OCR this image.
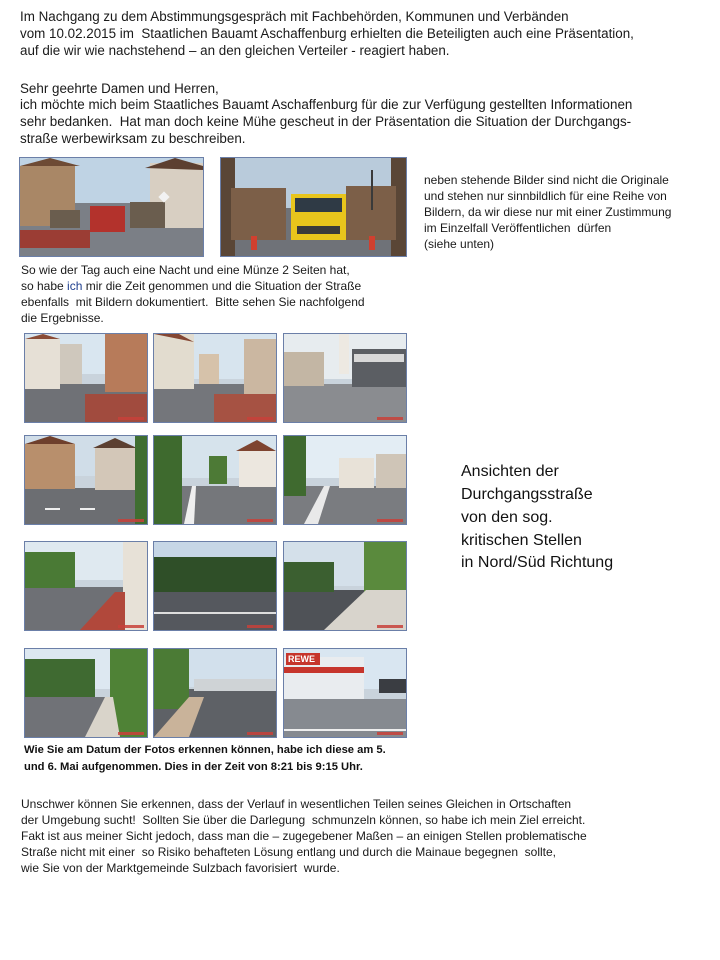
Im Nachgang zu dem Abstimmungsgespräch mit Fachbehörden, Kommunen und Verbänden
vom 10.02.2015 im  Staatlichen Bauamt Aschaffenburg erhielten die Beteiligten auch eine Präsentation,
auf die wir wie nachstehend – an den gleichen Verteiler - reagiert haben.
Sehr geehrte Damen und Herren,
ich möchte mich beim Staatliches Bauamt Aschaffenburg für die zur Verfügung gestellten Informationen
sehr bedanken.  Hat man doch keine Mühe gescheut in der Präsentation die Situation der Durchgangs-
straße werbewirksam zu beschreiben.
neben stehende Bilder sind nicht die Originale
und stehen nur sinnbildlich für eine Reihe von
Bildern, da wir diese nur mit einer Zustimmung
im Einzelfall Veröffentlichen  dürfen
(siehe unten)
So wie der Tag auch eine Nacht und eine Münze 2 Seiten hat,
so habe ich mir die Zeit genommen und die Situation der Straße
ebenfalls  mit Bildern dokumentiert.  Bitte sehen Sie nachfolgend
die Ergebnisse.
REWE
Wie Sie am Datum der Fotos erkennen können, habe ich diese am 5.
und 6. Mai aufgenommen. Dies in der Zeit von 8:21 bis 9:15 Uhr.
Ansichten der
Durchgangsstraße
von den sog.
kritischen Stellen
in Nord/Süd Richtung
Unschwer können Sie erkennen, dass der Verlauf in wesentlichen Teilen seines Gleichen in Ortschaften
der Umgebung sucht!  Sollten Sie über die Darlegung  schmunzeln können, so habe ich mein Ziel erreicht.
Fakt ist aus meiner Sicht jedoch, dass man die – zugegebener Maßen – an einigen Stellen problematische
Straße nicht mit einer  so Risiko behafteten Lösung entlang und durch die Mainaue begegnen  sollte,
wie Sie von der Marktgemeinde Sulzbach favorisiert  wurde.
